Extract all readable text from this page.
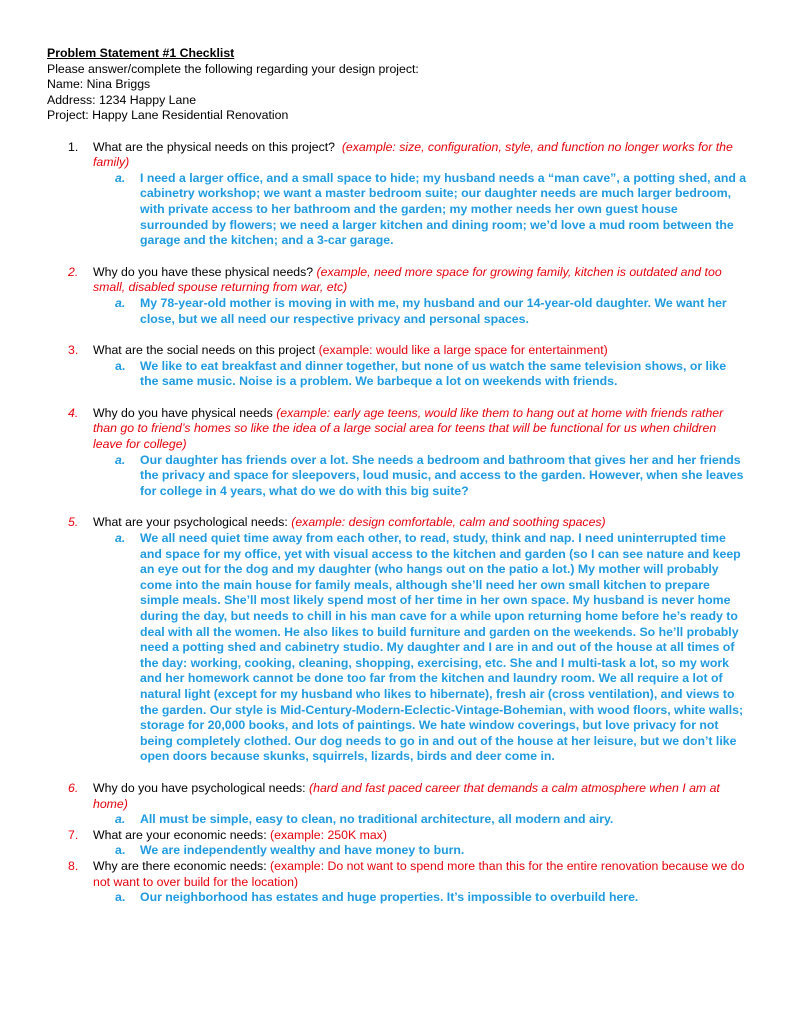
Problem Statement #1 Checklist
Please answer/complete the following regarding your design project:
Name: Nina Briggs
Address: 1234 Happy Lane
Project: Happy Lane Residential Renovation
1. What are the physical needs on this project? (example: size, configuration, style, and function no longer works for the family)
a. I need a larger office, and a small space to hide; my husband needs a “man cave”, a potting shed, and a cabinetry workshop; we want a master bedroom suite; our daughter needs are much larger bedroom, with private access to her bathroom and the garden; my mother needs her own guest house surrounded by flowers; we need a larger kitchen and dining room; we’d love a mud room between the garage and the kitchen; and a 3-car garage.
2. Why do you have these physical needs? (example, need more space for growing family, kitchen is outdated and too small, disabled spouse returning from war, etc)
a. My 78-year-old mother is moving in with me, my husband and our 14-year-old daughter. We want her close, but we all need our respective privacy and personal spaces.
3. What are the social needs on this project (example: would like a large space for entertainment)
a. We like to eat breakfast and dinner together, but none of us watch the same television shows, or like the same music. Noise is a problem. We barbeque a lot on weekends with friends.
4. Why do you have physical needs (example: early age teens, would like them to hang out at home with friends rather than go to friend’s homes so like the idea of a large social area for teens that will be functional for us when children leave for college)
a. Our daughter has friends over a lot. She needs a bedroom and bathroom that gives her and her friends the privacy and space for sleepovers, loud music, and access to the garden. However, when she leaves for college in 4 years, what do we do with this big suite?
5. What are your psychological needs: (example: design comfortable, calm and soothing spaces)
a. We all need quiet time away from each other, to read, study, think and nap. I need uninterrupted time and space for my office, yet with visual access to the kitchen and garden (so I can see nature and keep an eye out for the dog and my daughter (who hangs out on the patio a lot.) My mother will probably come into the main house for family meals, although she’ll need her own small kitchen to prepare simple meals. She’ll most likely spend most of her time in her own space. My husband is never home during the day, but needs to chill in his man cave for a while upon returning home before he’s ready to deal with all the women. He also likes to build furniture and garden on the weekends. So he’ll probably need a potting shed and cabinetry studio. My daughter and I are in and out of the house at all times of the day: working, cooking, cleaning, shopping, exercising, etc. She and I multi-task a lot, so my work and her homework cannot be done too far from the kitchen and laundry room. We all require a lot of natural light (except for my husband who likes to hibernate), fresh air (cross ventilation), and views to the garden. Our style is Mid-Century-Modern-Eclectic-Vintage-Bohemian, with wood floors, white walls; storage for 20,000 books, and lots of paintings. We hate window coverings, but love privacy for not being completely clothed. Our dog needs to go in and out of the house at her leisure, but we don’t like open doors because skunks, squirrels, lizards, birds and deer come in.
6. Why do you have psychological needs: (hard and fast paced career that demands a calm atmosphere when I am at home)
a. All must be simple, easy to clean, no traditional architecture, all modern and airy.
7. What are your economic needs: (example: 250K max)
a. We are independently wealthy and have money to burn.
8. Why are there economic needs: (example: Do not want to spend more than this for the entire renovation because we do not want to over build for the location)
a. Our neighborhood has estates and huge properties. It’s impossible to overbuild here.
